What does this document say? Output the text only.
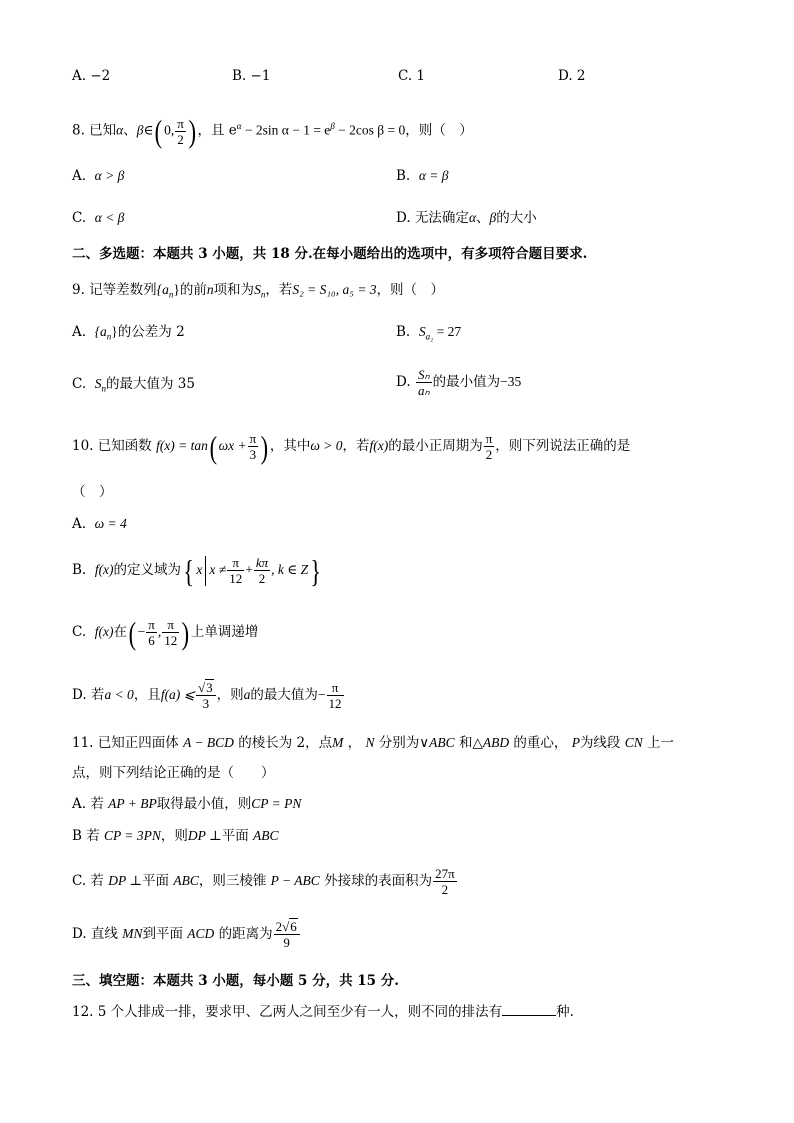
A. −2	B. −1	C. 1	D. 2
8. 已知α、β∈( 0, $\frac{\pi}{2}$ ) ，且 $e^\alpha - 2\sin$ $\alpha - 1 = e^\beta - 2\cos$ β = 0，则（　）
A. α > β	B. α = β
C. α < β	D. 无法确定α、β的大小
二、多选题：本题共 3 小题，共 18 分.在每小题给出的选项中，有多项符合题目要求.
9. 记等差数列$\{a_n\}$的前n项和为$S_n$，若S₂ = S₁₀, a₅ = 3，则（　）
A. $\{a_n\}$的公差为 2	B. $S_{a_2} = 27$
C. $S_n$的最大值为 35	D. $\frac{\text{Sₙ}}{\text{aₙ}}$ 的最小值为−35
10. 已知函数 f(x) = tan( $\omega x + \frac{\pi}{3}$ ) ，其中ω > 0，若f(x)的最小正周期为 $\frac{\pi}{2}$ ，则下列说法正确的是
（　）
A. ω = 4
B. f(x)的定义域为{ x $x \ne \frac{\pi}{12} + \frac{k\pi}{2}$ , k ∈ Z}
C. f(x)在( − $\frac{\pi}{6}$ , $\frac{\pi}{12}$ ) 上单调递增
D. 若a < 0，且f(a) ⩽ $\frac{√3}{3}$ ，则a的最大值为− $\frac{\pi}{12}$
11. 已知正四面体 A − BCD 的棱长为 2，点M ， N 分别为∨ABC 和△ABD 的重心， P为线段 CN 上一
点，则下列结论正确的是（　　）
A. 若 AP + BP取得最小值，则CP = PN
B 若 CP = 3PN，则DP ⊥平面 ABC
C. 若 DP ⊥平面 ABC，则三棱锥 P − ABC 外接球的表面积为 $\frac{27\pi}{2}$
D. 直线 MN到平面 ACD 的距离为 $\frac{2√6}{9}$
三、填空题：本题共 3 小题，每小题 5 分，共 15 分.
12. 5 个人排成一排，要求甲、乙两人之间至少有一人，则不同的排法有	种.
